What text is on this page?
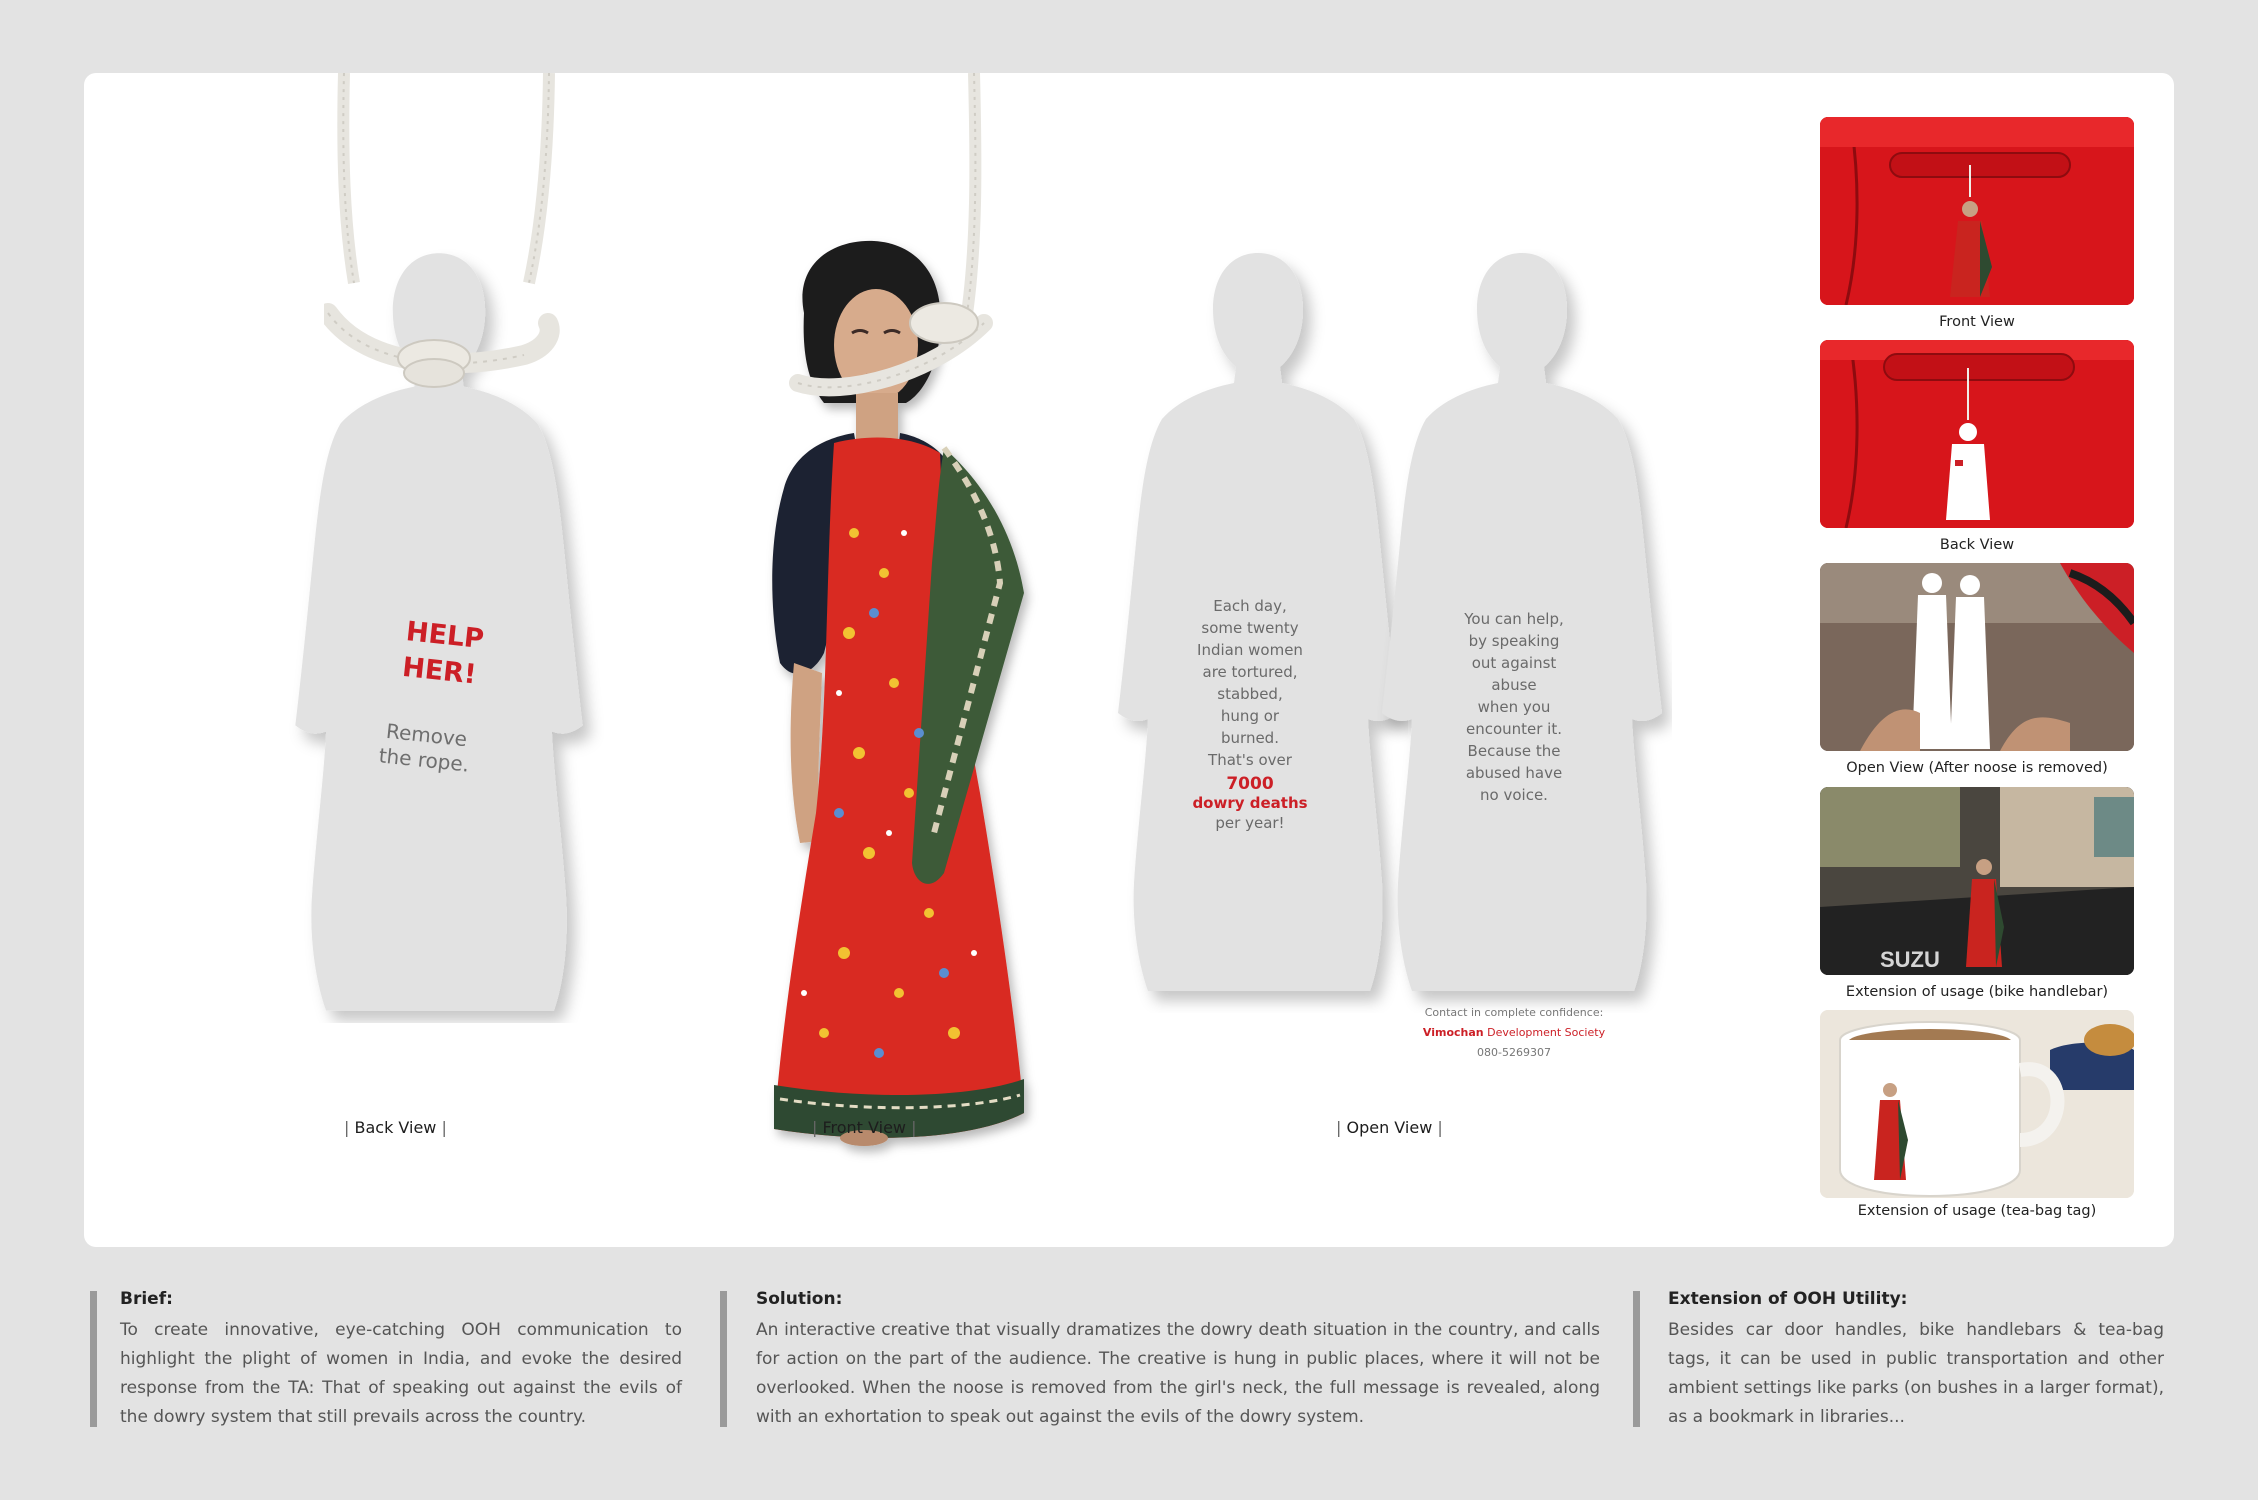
HELP
HER!
Remove
the rope.
| Back View |	| Front View |
Each day,
some twenty
Indian women
are tortured,
stabbed,
hung or
burned.
That's over
7000
dowry deaths
per year!
You can help,
by speaking
out against
abuse
when you
encounter it.
Because the
abused have
no voice.
Contact in complete confidence:
Vimochan Development Society
080-5269307
| Open View |
Front View
Back View
Open View (After noose is removed)
SUZU
Extension of usage (bike handlebar)
Extension of usage (tea-bag tag)
Brief:
To create innovative, eye-catching OOH communication to highlight the plight of women in India, and evoke the desired response from the TA: That of speaking out against the evils of the dowry system that still prevails across the country.
Solution:
An interactive creative that visually dramatizes the dowry death situation in the country, and calls for action on the part of the audience. The creative is hung in public places, where it will not be overlooked. When the noose is removed from the girl's neck, the full message is revealed, along with an exhortation to speak out against the evils of the dowry system.
Extension of OOH Utility:
Besides car door handles, bike handlebars & tea-bag tags, it can be used in public transportation and other ambient settings like parks (on bushes in a larger format), as a bookmark in libraries...
